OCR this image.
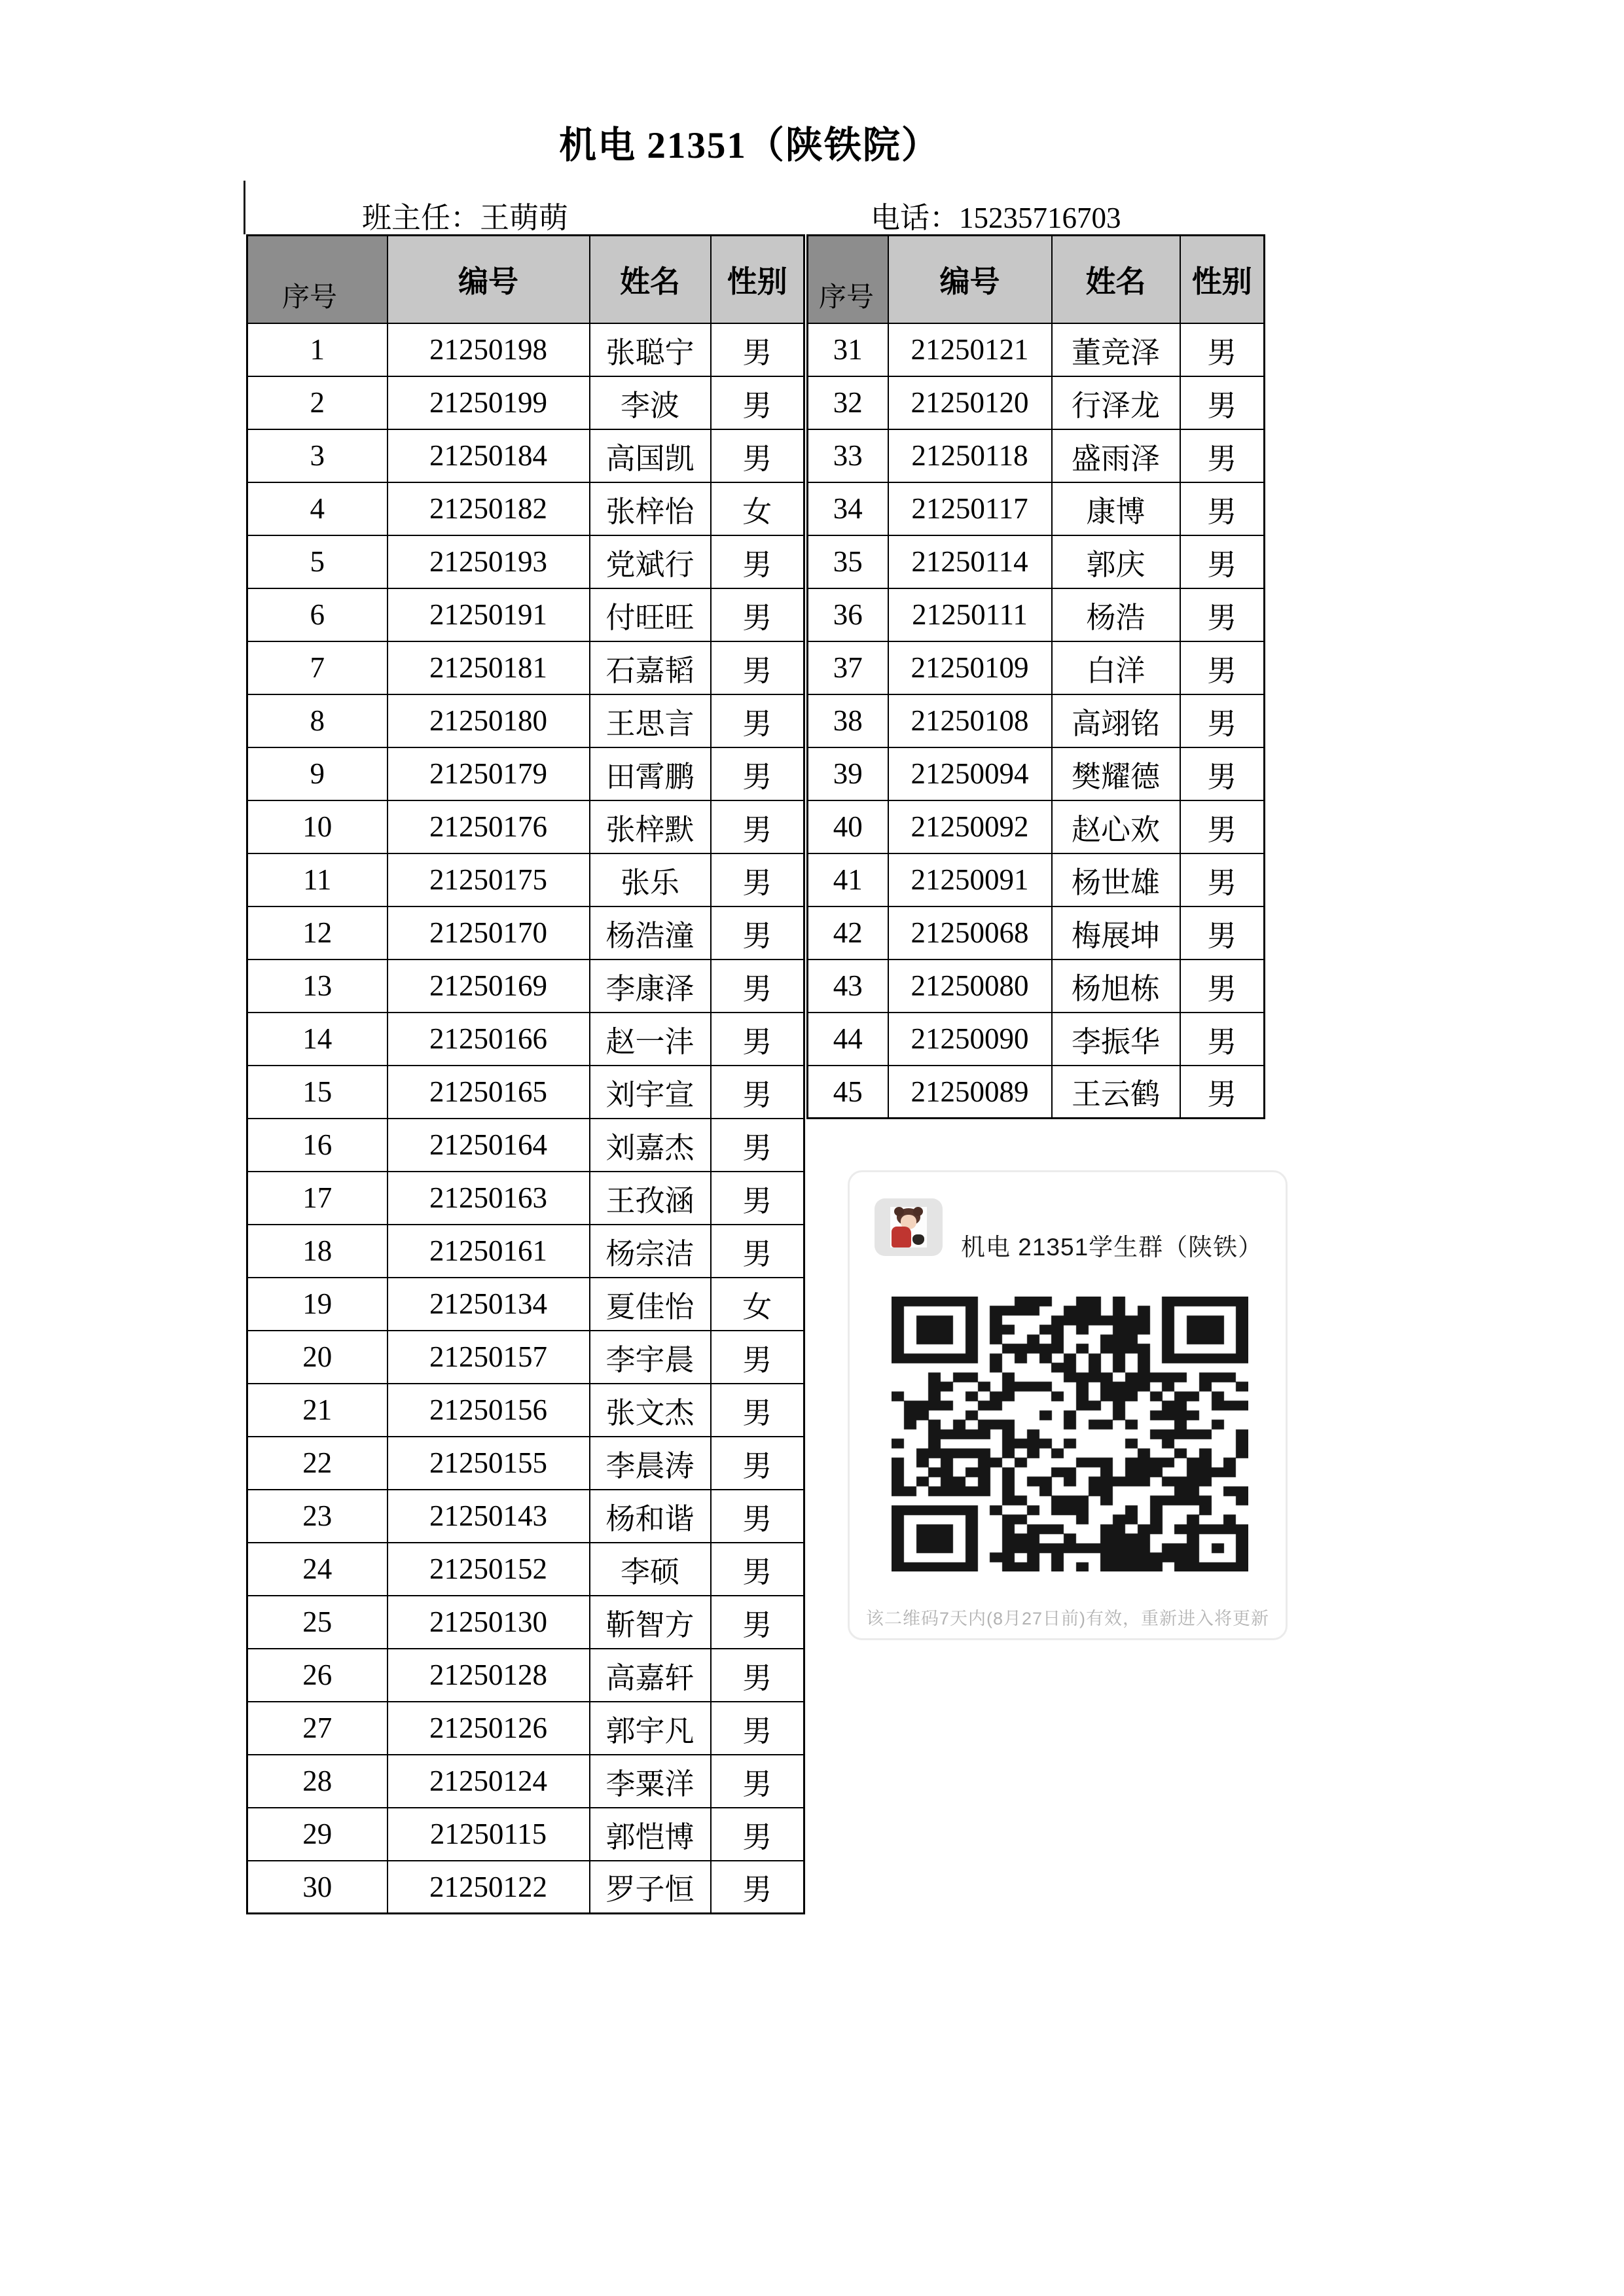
机电 21351（陕铁院）
班主任：王萌萌	电话：15235716703
序号	编号	姓名	性别
1	21250198	张聪宁	男
2	21250199	李波	男
3	21250184	高国凯	男
4	21250182	张梓怡	女
5	21250193	党斌行	男
6	21250191	付旺旺	男
7	21250181	石嘉韬	男
8	21250180	王思言	男
9	21250179	田霄鹏	男
10	21250176	张梓默	男
11	21250175	张乐	男
12	21250170	杨浩潼	男
13	21250169	李康泽	男
14	21250166	赵一沣	男
15	21250165	刘宇宣	男
16	21250164	刘嘉杰	男
17	21250163	王孜涵	男
18	21250161	杨宗洁	男
19	21250134	夏佳怡	女
20	21250157	李宇晨	男
21	21250156	张文杰	男
22	21250155	李晨涛	男
23	21250143	杨和谐	男
24	21250152	李硕	男
25	21250130	靳智方	男
26	21250128	高嘉轩	男
27	21250126	郭宇凡	男
28	21250124	李粟洋	男
29	21250115	郭恺博	男
30	21250122	罗子恒	男
序号	编号	姓名	性别
31	21250121	董竞泽	男
32	21250120	行泽龙	男
33	21250118	盛雨泽	男
34	21250117	康博	男
35	21250114	郭庆	男
36	21250111	杨浩	男
37	21250109	白洋	男
38	21250108	高翊铭	男
39	21250094	樊耀德	男
40	21250092	赵心欢	男
41	21250091	杨世雄	男
42	21250068	梅展坤	男
43	21250080	杨旭栋	男
44	21250090	李振华	男
45	21250089	王云鹤	男
机电 21351学生群（陕铁）
该二维码7天内(8月27日前)有效，重新进入将更新
